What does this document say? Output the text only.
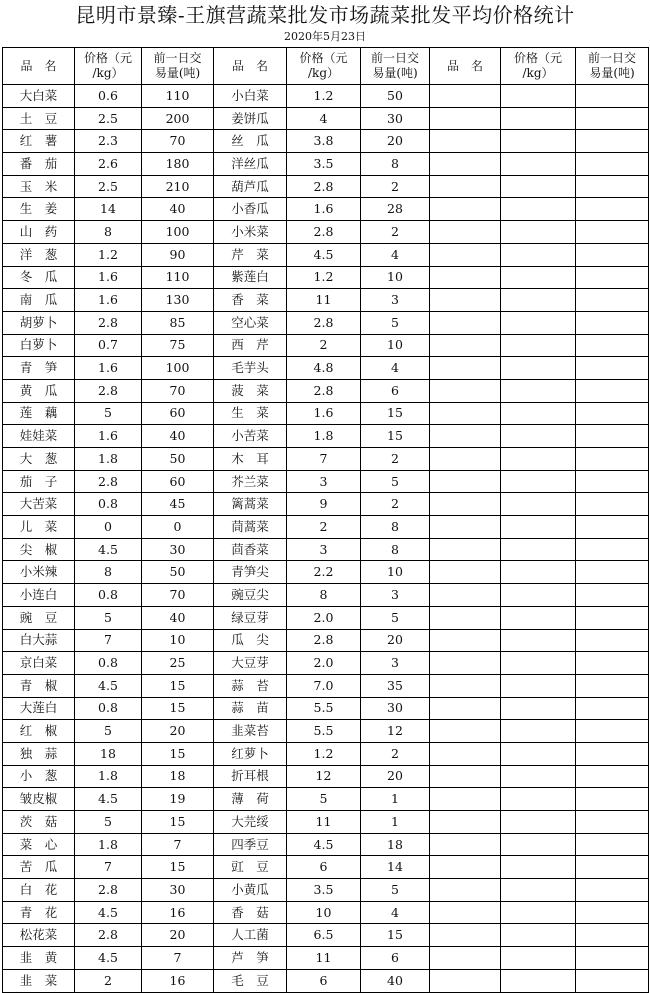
昆明市景臻-王旗营蔬菜批发市场蔬菜批发平均价格统计
2020年5月23日
品　名	价格（元
/kg）	前一日交
易量(吨)	品　名	价格（元
/kg）	前一日交
易量(吨)	品　名	价格（元
/kg）	前一日交
易量(吨)
大白菜	0.6	110	小白菜	1.2	50			
土　豆	2.5	200	姜饼瓜	4	30			
红　薯	2.3	70	丝　瓜	3.8	20			
番　茄	2.6	180	洋丝瓜	3.5	8			
玉　米	2.5	210	葫芦瓜	2.8	2			
生　姜	14	40	小香瓜	1.6	28			
山　药	8	100	小米菜	2.8	2			
洋　葱	1.2	90	芹　菜	4.5	4			
冬　瓜	1.6	110	紫莲白	1.2	10			
南　瓜	1.6	130	香　菜	11	3			
胡萝卜	2.8	85	空心菜	2.8	5			
白萝卜	0.7	75	西　芹	2	10			
青　笋	1.6	100	毛芋头	4.8	4			
黄　瓜	2.8	70	菠　菜	2.8	6			
莲　藕	5	60	生　菜	1.6	15			
娃娃菜	1.6	40	小苦菜	1.8	15			
大　葱	1.8	50	木　耳	7	2			
茄　子	2.8	60	芥兰菜	3	5			
大苦菜	0.8	45	篱蒿菜	9	2			
儿　菜	0	0	茼蒿菜	2	8			
尖　椒	4.5	30	茴香菜	3	8			
小米辣	8	50	青笋尖	2.2	10			
小连白	0.8	70	豌豆尖	8	3			
豌　豆	5	40	绿豆芽	2.0	5			
白大蒜	7	10	瓜　尖	2.8	20			
京白菜	0.8	25	大豆芽	2.0	3			
青　椒	4.5	15	蒜　苔	7.0	35			
大莲白	0.8	15	蒜　苗	5.5	30			
红　椒	5	20	韭菜苔	5.5	12			
独　蒜	18	15	红萝卜	1.2	2			
小　葱	1.8	18	折耳根	12	20			
皱皮椒	4.5	19	薄　荷	5	1			
茨　菇	5	15	大芫绥	11	1			
菜　心	1.8	7	四季豆	4.5	18			
苦　瓜	7	15	豇　豆	6	14			
白　花	2.8	30	小黄瓜	3.5	5			
青　花	4.5	16	香　菇	10	4			
松花菜	2.8	20	人工菌	6.5	15			
韭　黄	4.5	7	芦　笋	11	6			
韭　菜	2	16	毛　豆	6	40			
